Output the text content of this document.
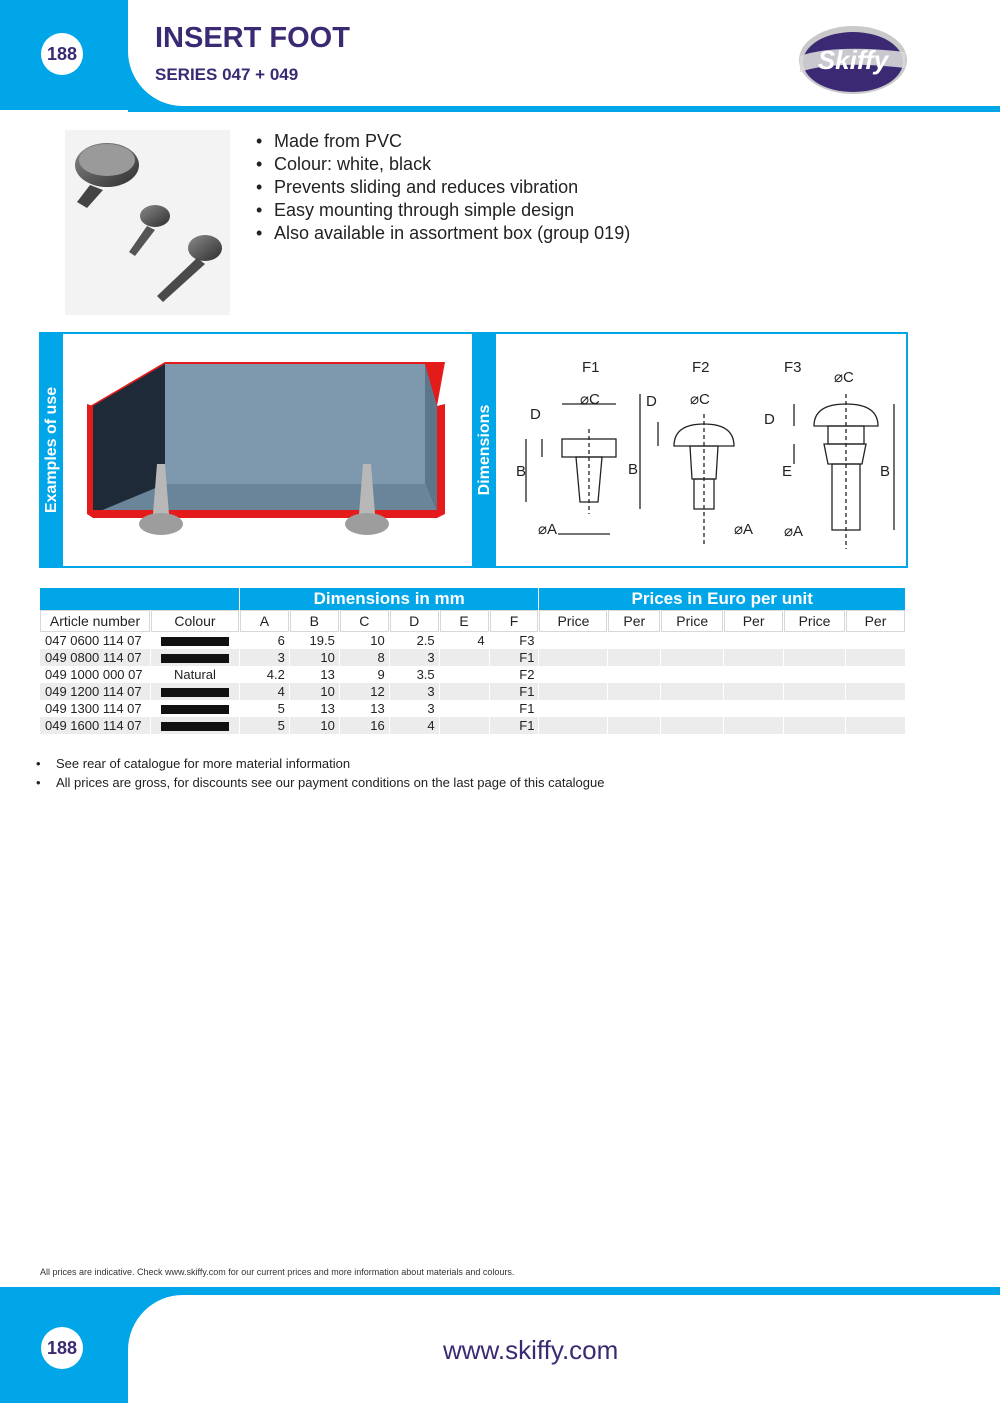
188	INSERT FOOT
SERIES 047 + 049	Skiffy
• Made from PVC
• Colour: white, black
• Prevents sliding and reduces vibration
• Easy mounting through simple design
• Also available in assortment box (group 019)
Examples of use	Dimensions
F1
⌀C
D
B
⌀A
F2
⌀C
D
B
⌀A
F3
⌀C
D
E	B
⌀A
		Dimensions in mm						Prices in Euro per unit					
Article number	Colour	A	B	C	D	E	F	Price	Per	Price	Per	Price	Per
047 0600 114 07		6	19.5	10	2.5	4	F3						
049 0800 114 07		3	10	8	3		F1						
049 1000 000 07	Natural	4.2	13	9	3.5		F2						
049 1200 114 07		4	10	12	3		F1						
049 1300 114 07		5	13	13	3		F1						
049 1600 114 07		5	10	16	4		F1						
• See rear of catalogue for more material information
• All prices are gross, for discounts see our payment conditions on the last page of this catalogue
All prices are indicative. Check www.skiffy.com for our current prices and more information about materials and colours.
188	www.skiffy.com
